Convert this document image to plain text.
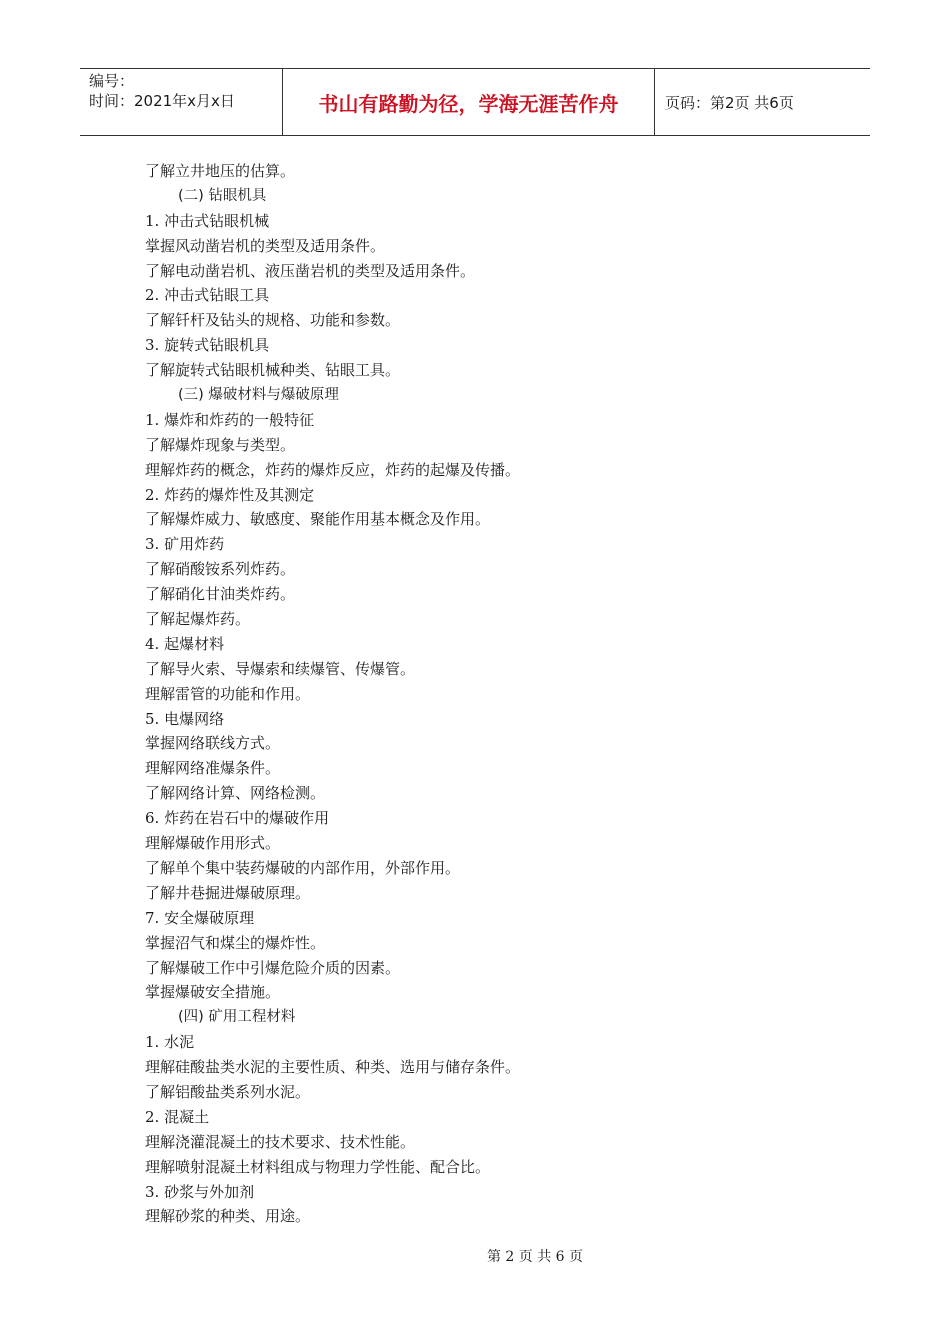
编号：
时间：2021年x月x日	书山有路勤为径，学海无涯苦作舟	页码：第2页 共6页
了解立井地压的估算。
(二) 钻眼机具
1. 冲击式钻眼机械
掌握风动凿岩机的类型及适用条件。
了解电动凿岩机、液压凿岩机的类型及适用条件。
2. 冲击式钻眼工具
了解钎杆及钻头的规格、功能和参数。
3. 旋转式钻眼机具
了解旋转式钻眼机械种类、钻眼工具。
(三) 爆破材料与爆破原理
1. 爆炸和炸药的一般特征
了解爆炸现象与类型。
理解炸药的概念，炸药的爆炸反应，炸药的起爆及传播。
2. 炸药的爆炸性及其测定
了解爆炸威力、敏感度、聚能作用基本概念及作用。
3. 矿用炸药
了解硝酸铵系列炸药。
了解硝化甘油类炸药。
了解起爆炸药。
4. 起爆材料
了解导火索、导爆索和续爆管、传爆管。
理解雷管的功能和作用。
5. 电爆网络
掌握网络联线方式。
理解网络准爆条件。
了解网络计算、网络检测。
6. 炸药在岩石中的爆破作用
理解爆破作用形式。
了解单个集中装药爆破的内部作用，外部作用。
了解井巷掘进爆破原理。
7. 安全爆破原理
掌握沼气和煤尘的爆炸性。
了解爆破工作中引爆危险介质的因素。
掌握爆破安全措施。
(四) 矿用工程材料
1. 水泥
理解硅酸盐类水泥的主要性质、种类、选用与储存条件。
了解铝酸盐类系列水泥。
2. 混凝土
理解浇灌混凝土的技术要求、技术性能。
理解喷射混凝土材料组成与物理力学性能、配合比。
3. 砂浆与外加剂
理解砂浆的种类、用途。
第 2 页 共 6 页
